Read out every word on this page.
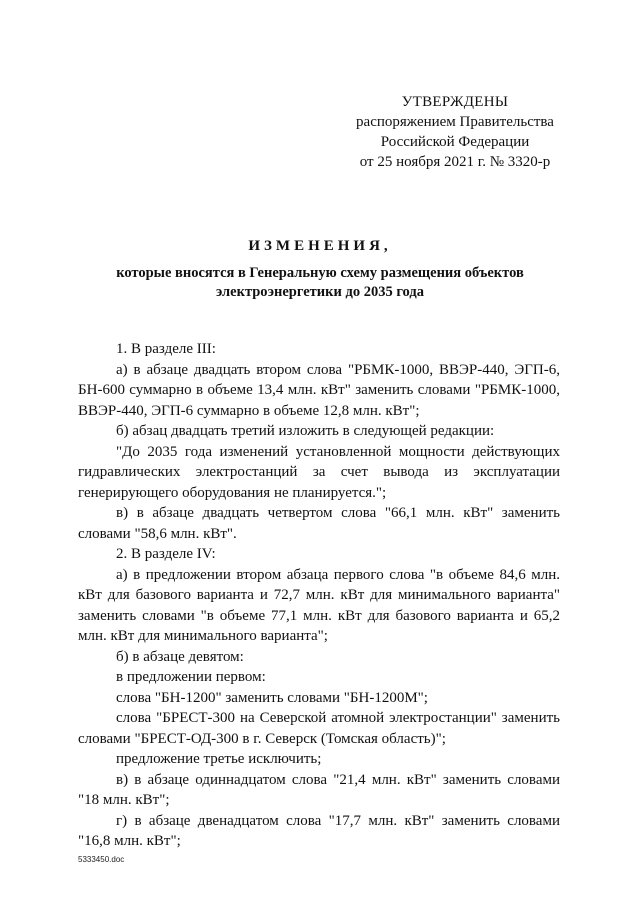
УТВЕРЖДЕНЫ
распоряжением Правительства
Российской Федерации
от 25 ноября 2021 г. № 3320-р
ИЗМЕНЕНИЯ,
которые вносятся в Генеральную схему размещения объектов
электроэнергетики до 2035 года

1. В разделе III:

а) в абзаце двадцать втором слова "РБМК-1000, ВВЭР-440, ЭГП-6, БН-600 суммарно в объеме 13,4 млн. кВт" заменить словами "РБМК-1000, ВВЭР-440, ЭГП-6 суммарно в объеме 12,8 млн. кВт";

б) абзац двадцать третий изложить в следующей редакции:

"До 2035 года изменений установленной мощности действующих гидравлических электростанций за счет вывода из эксплуатации генерирующего оборудования не планируется.";

в) в абзаце двадцать четвертом слова "66,1 млн. кВт" заменить словами "58,6 млн. кВт".

2. В разделе IV:

а) в предложении втором абзаца первого слова "в объеме 84,6 млн. кВт для базового варианта и 72,7 млн. кВт для минимального варианта" заменить словами "в объеме 77,1 млн. кВт для базового варианта и 65,2 млн. кВт для минимального варианта";

б) в абзаце девятом:

в предложении первом:

слова "БН-1200" заменить словами "БН-1200М";

слова "БРЕСТ-300 на Северской атомной электростанции" заменить словами "БРЕСТ-ОД-300 в г. Северск (Томская область)";

предложение третье исключить;

в) в абзаце одиннадцатом слова "21,4 млн. кВт" заменить словами "18 млн. кВт";

г) в абзаце двенадцатом слова "17,7 млн. кВт" заменить словами "16,8 млн. кВт";

5333450.doc
